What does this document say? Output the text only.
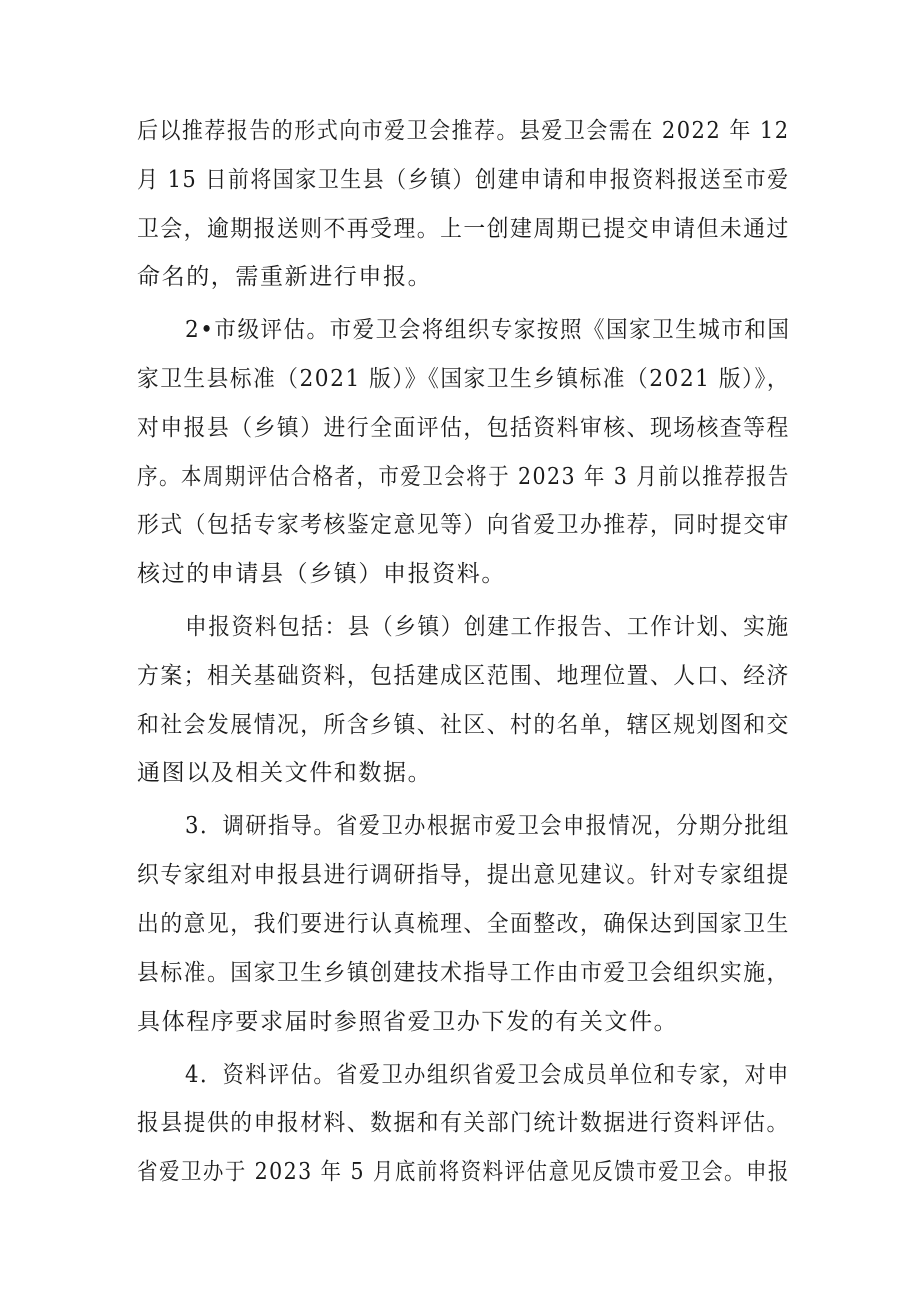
后以推荐报告的形式向市爱卫会推荐。县爱卫会需在 2022 年 12
月 15 日前将国家卫生县（乡镇）创建申请和申报资料报送至市爱
卫会，逾期报送则不再受理。上一创建周期已提交申请但未通过
命名的，需重新进行申报。
2•市级评估。市爱卫会将组织专家按照《国家卫生城市和国
家卫生县标准（2021 版）》《国家卫生乡镇标准（2021 版）》，
对申报县（乡镇）进行全面评估，包括资料审核、现场核查等程
序。本周期评估合格者，市爱卫会将于 2023 年 3 月前以推荐报告
形式（包括专家考核鉴定意见等）向省爱卫办推荐，同时提交审
核过的申请县（乡镇）申报资料。
申报资料包括：县（乡镇）创建工作报告、工作计划、实施
方案；相关基础资料，包括建成区范围、地理位置、人口、经济
和社会发展情况，所含乡镇、社区、村的名单，辖区规划图和交
通图以及相关文件和数据。
3．调研指导。省爱卫办根据市爱卫会申报情况，分期分批组
织专家组对申报县进行调研指导，提出意见建议。针对专家组提
出的意见，我们要进行认真梳理、全面整改，确保达到国家卫生
县标准。国家卫生乡镇创建技术指导工作由市爱卫会组织实施，
具体程序要求届时参照省爱卫办下发的有关文件。
4．资料评估。省爱卫办组织省爱卫会成员单位和专家，对申
报县提供的申报材料、数据和有关部门统计数据进行资料评估。
省爱卫办于 2023 年 5 月底前将资料评估意见反馈市爱卫会。申报
